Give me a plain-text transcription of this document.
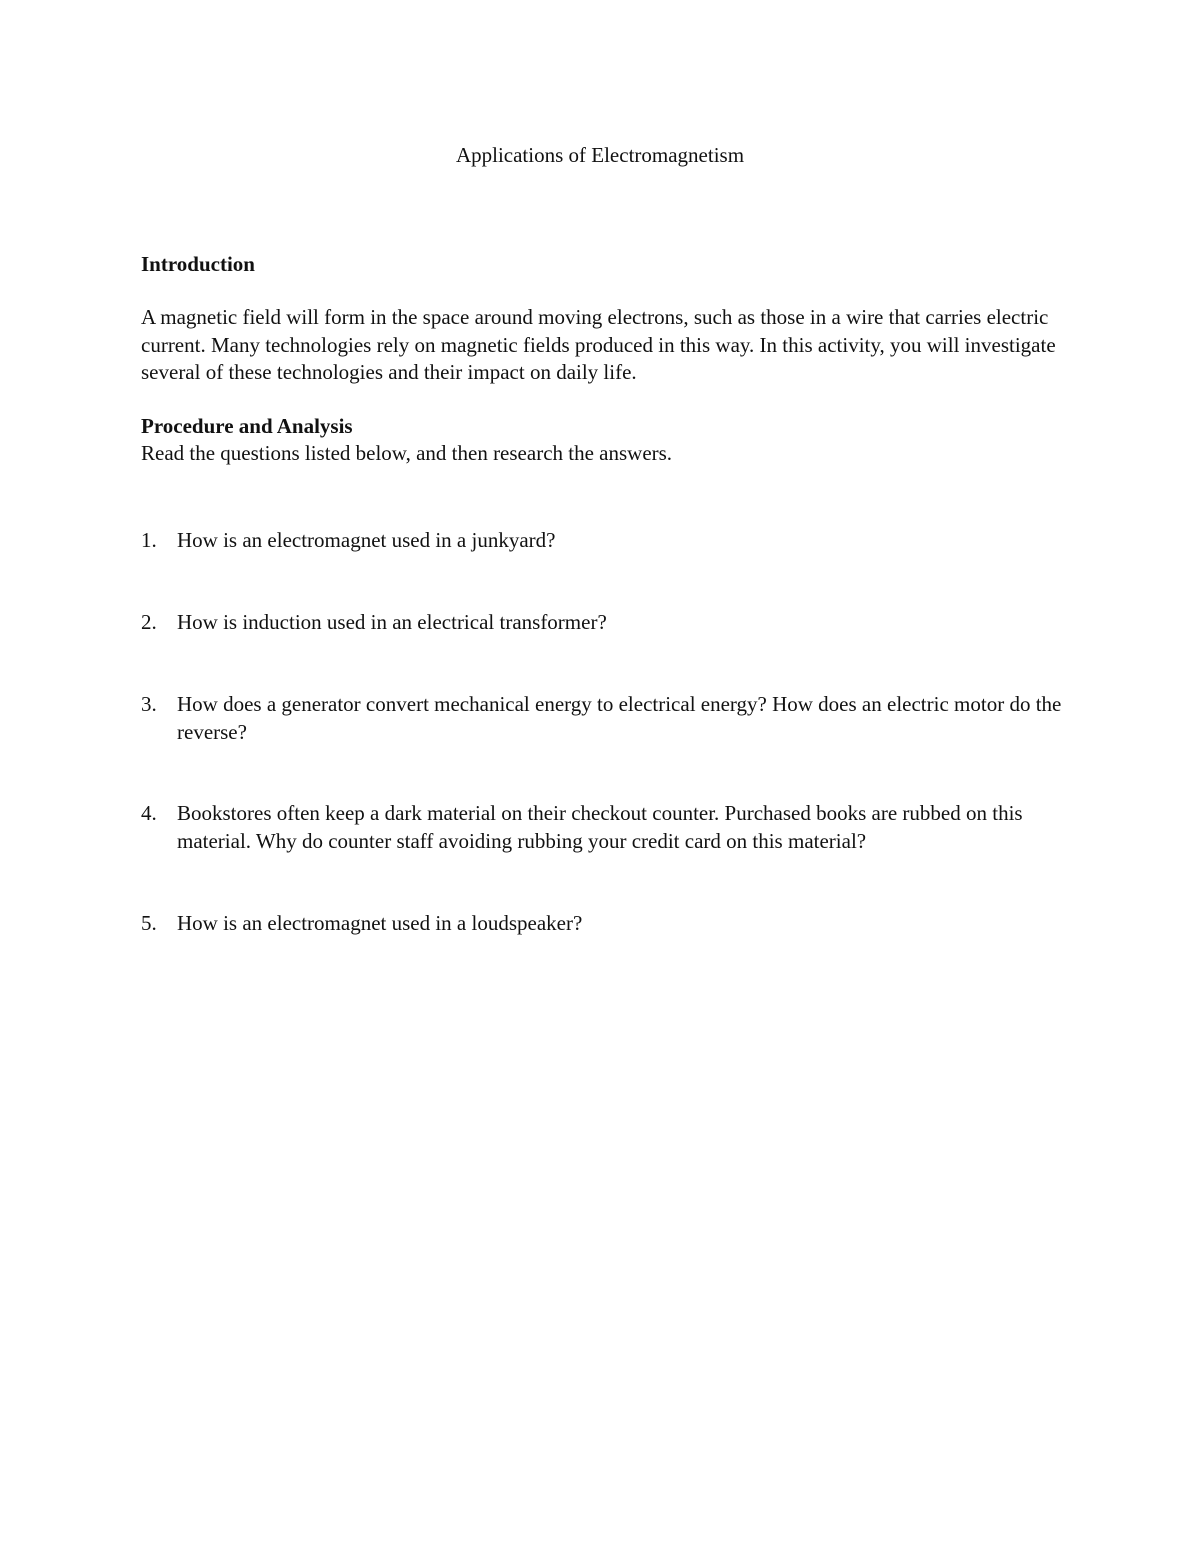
Applications of Electromagnetism
Introduction
A magnetic field will form in the space around moving electrons, such as those in a wire that carries electric current. Many technologies rely on magnetic fields produced in this way. In this activity, you will investigate several of these technologies and their impact on daily life.
Procedure and Analysis
Read the questions listed below, and then research the answers.
1. How is an electromagnet used in a junkyard?
2. How is induction used in an electrical transformer?
3. How does a generator convert mechanical energy to electrical energy? How does an electric motor do the reverse?
4. Bookstores often keep a dark material on their checkout counter. Purchased books are rubbed on this material. Why do counter staff avoiding rubbing your credit card on this material?
5. How is an electromagnet used in a loudspeaker?
